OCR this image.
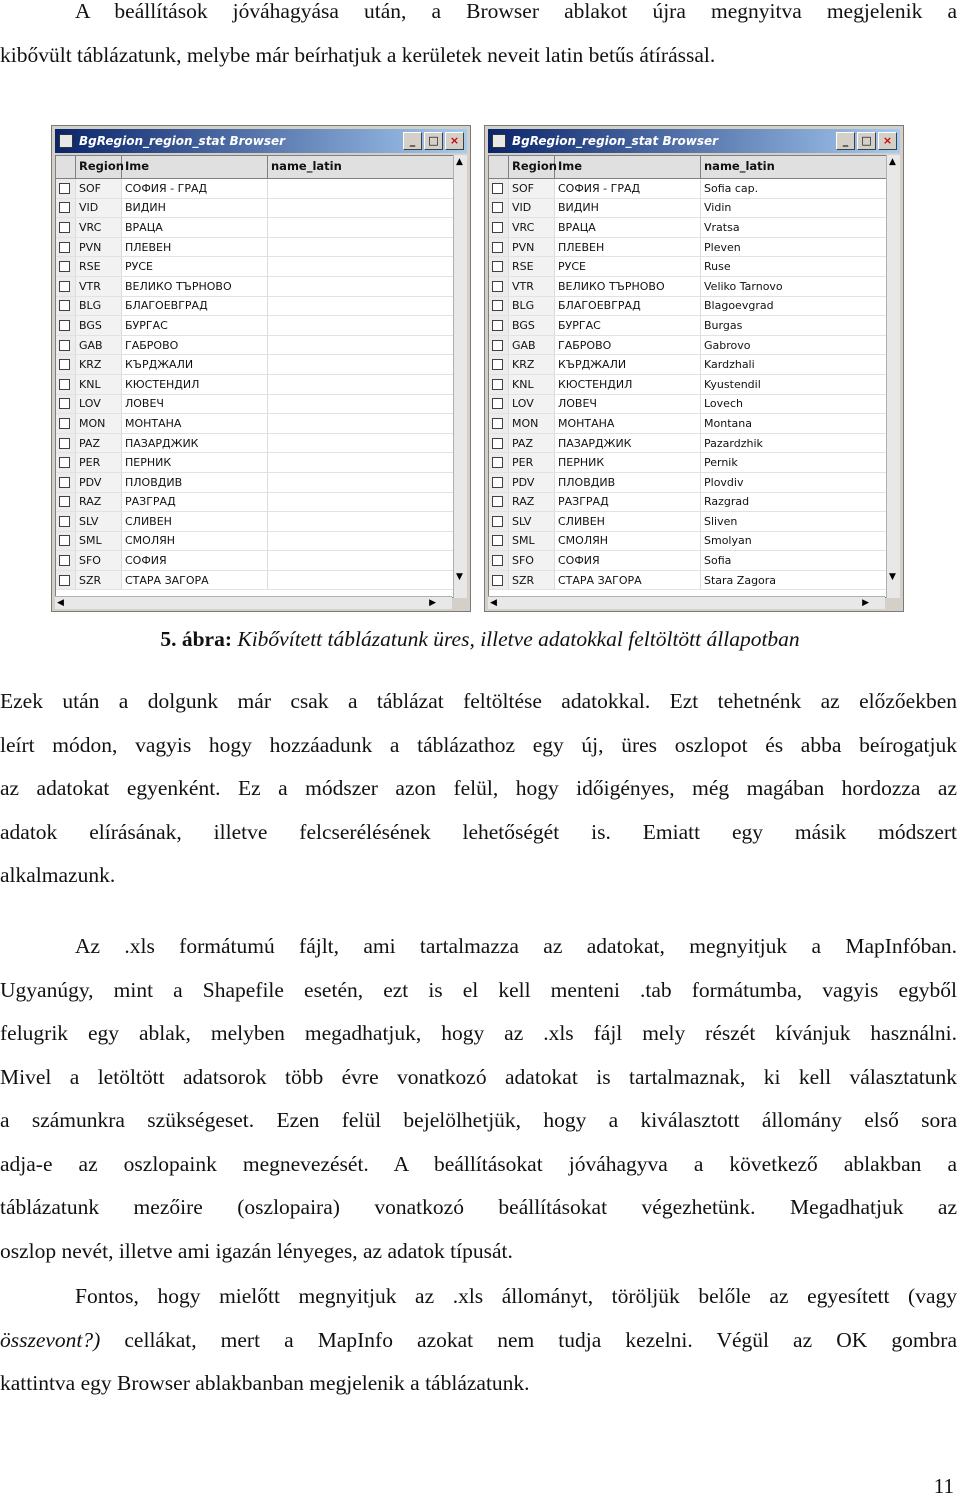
A beállítások jóváhagyása után, a Browser ablakot újra megnyitva megjelenik a
kibővült táblázatunk, melybe már beírhatjuk a kerületek neveit latin betűs átírással.
BgRegion_region_stat Browser	_	□	×
Region Ime	name_latin
SOF	СОФИЯ - ГРАД
VID	ВИДИН
VRC	ВРАЦА
PVN	ПЛЕВЕН
RSE	РУСЕ
VTR	ВЕЛИКО ТЪРНОВО
BLG	БЛАГОЕВГРАД
BGS	БУРГАС
GAB	ГАБРОВО
KRZ	КЪРДЖАЛИ
KNL	КЮСТЕНДИЛ
LOV	ЛОВЕЧ
MON	МОНТАНА
PAZ	ПАЗАРДЖИК
PER	ПЕРНИК
PDV	ПЛОВДИВ
RAZ	РАЗГРАД
SLV	СЛИВЕН
SML	СМОЛЯН
SFO	СОФИЯ
SZR	СТАРА ЗАГОРА
▲
▼
◀	▶
BgRegion_region_stat Browser	_	□	×
Region Ime	name_latin
SOF	СОФИЯ - ГРАД	Sofia cap.
VID	ВИДИН	Vidin
VRC	ВРАЦА	Vratsa
PVN	ПЛЕВЕН	Pleven
RSE	РУСЕ	Ruse
VTR	ВЕЛИКО ТЪРНОВО	Veliko Tarnovo
BLG	БЛАГОЕВГРАД	Blagoevgrad
BGS	БУРГАС	Burgas
GAB	ГАБРОВО	Gabrovo
KRZ	КЪРДЖАЛИ	Kardzhali
KNL	КЮСТЕНДИЛ	Kyustendil
LOV	ЛОВЕЧ	Lovech
MON	МОНТАНА	Montana
PAZ	ПАЗАРДЖИК	Pazardzhik
PER	ПЕРНИК	Pernik
PDV	ПЛОВДИВ	Plovdiv
RAZ	РАЗГРАД	Razgrad
SLV	СЛИВЕН	Sliven
SML	СМОЛЯН	Smolyan
SFO	СОФИЯ	Sofia
SZR	СТАРА ЗАГОРА	Stara Zagora
▲
▼
◀	▶
5. ábra: Kibővített táblázatunk üres, illetve adatokkal feltöltött állapotban
Ezek után a dolgunk már csak a táblázat feltöltése adatokkal. Ezt tehetnénk az előzőekben
leírt módon, vagyis hogy hozzáadunk a táblázathoz egy új, üres oszlopot és abba beírogatjuk
az adatokat egyenként. Ez a módszer azon felül, hogy időigényes, még magában hordozza az
adatok elírásának, illetve felcserélésének lehetőségét is. Emiatt egy másik módszert
alkalmazunk.
Az .xls formátumú fájlt, ami tartalmazza az adatokat, megnyitjuk a MapInfóban.
Ugyanúgy, mint a Shapefile esetén, ezt is el kell menteni .tab formátumba, vagyis egyből
felugrik egy ablak, melyben megadhatjuk, hogy az .xls fájl mely részét kívánjuk használni.
Mivel a letöltött adatsorok több évre vonatkozó adatokat is tartalmaznak, ki kell választatunk
a számunkra szükségeset. Ezen felül bejelölhetjük, hogy a kiválasztott állomány első sora
adja-e az oszlopaink megnevezését. A beállításokat jóváhagyva a következő ablakban a
táblázatunk mezőire (oszlopaira) vonatkozó beállításokat végezhetünk. Megadhatjuk az
oszlop nevét, illetve ami igazán lényeges, az adatok típusát.
Fontos, hogy mielőtt megnyitjuk az .xls állományt, töröljük belőle az egyesített (vagy
összevont?) cellákat, mert a MapInfo azokat nem tudja kezelni. Végül az OK gombra
kattintva egy Browser ablakbanban megjelenik a táblázatunk.
11
